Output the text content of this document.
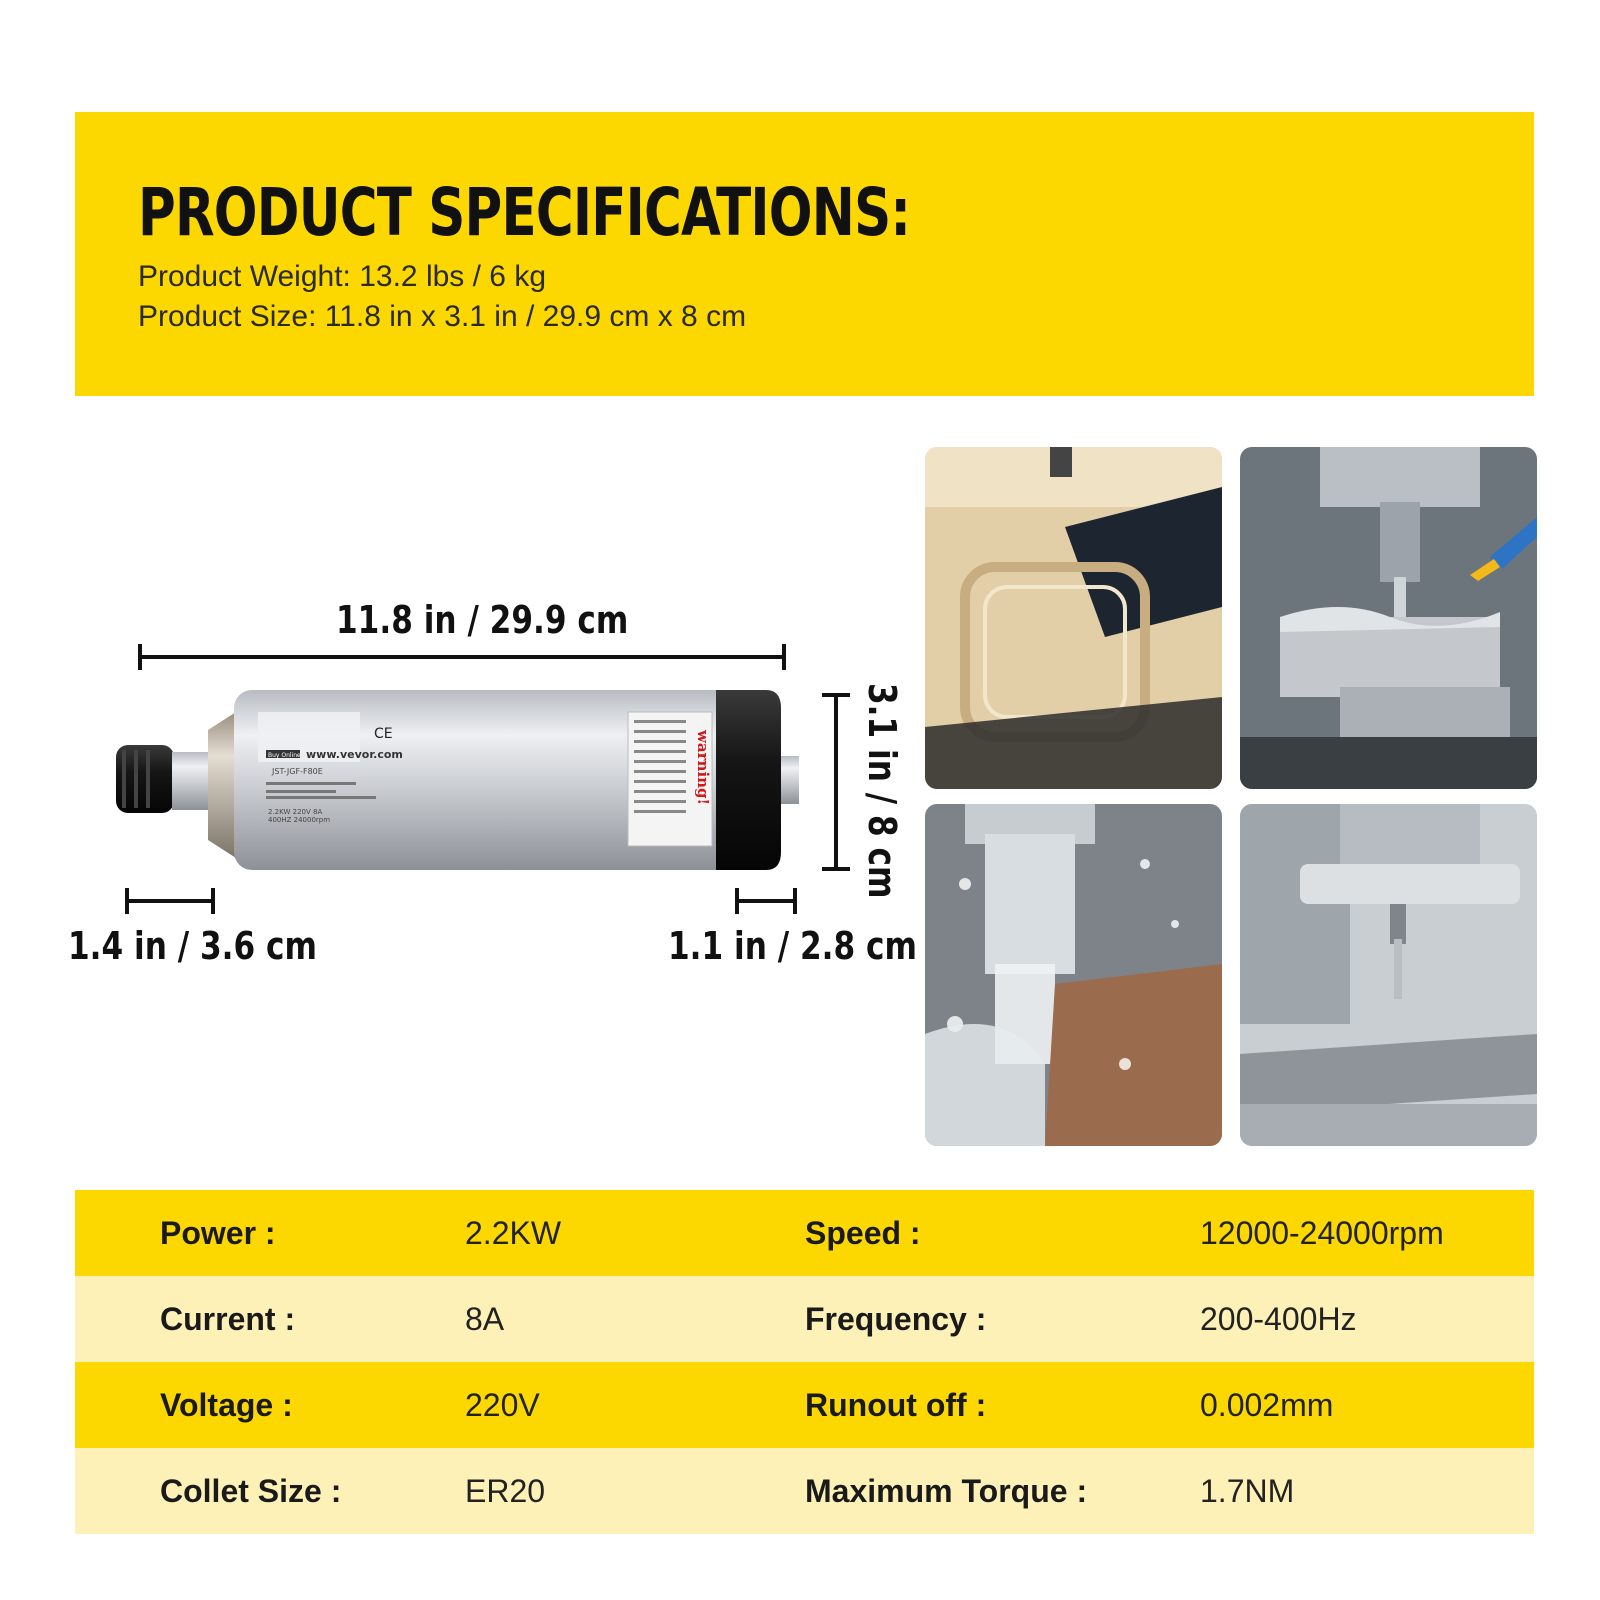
PRODUCT SPECIFICATIONS:
Product Weight: 13.2 lbs / 6 kg
Product Size: 11.8 in x 3.1 in / 29.9 cm x 8 cm
11.8 in / 29.9 cm
3.1 in / 8 cm
1.4 in / 3.6 cm	1.1 in / 2.8 cm
CE
Buy Online www.vevor.com
JST-JGF-F80E
2.2KW 220V 8A
400HZ 24000rpm
warning!
Power :	2.2KW	Speed :	12000-24000rpm
Current :	8A	Frequency :	200-400Hz
Voltage :	220V	Runout off :	0.002mm
Collet Size :	ER20	Maximum Torque :	1.7NM
